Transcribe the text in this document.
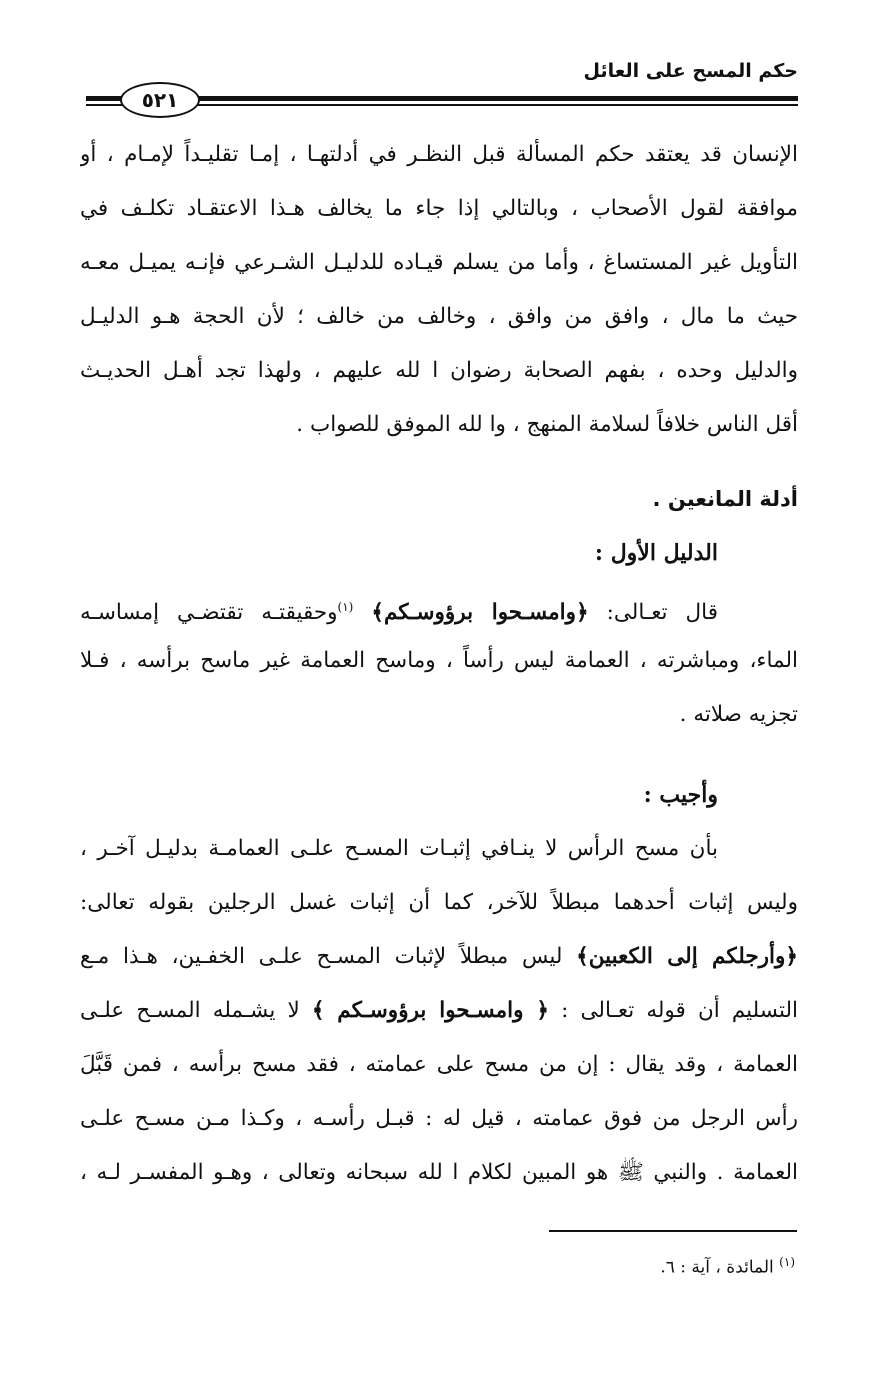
حكم المسح على العائل
٥٢١
الإنسان قد يعتقد حكم المسألة قبل النظـر في أدلتهـا ، إمـا تقليـداً لإمـام ، أو
موافقة لقول الأصحاب ، وبالتالي إذا جاء ما يخالف هـذا الاعتقـاد تكلـف في
التأويل غير المستساغ ، وأما من يسلم قيـاده للدليـل الشـرعي فإنـه يميـل معـه
حيث ما مال ، وافق من وافق ، وخالف من خالف ؛ لأن الحجة هـو الدليـل
والدليل وحده ، بفهم الصحابة رضوان ا لله عليهم ، ولهذا تجد أهـل الحديـث
أقل الناس خلافاً لسلامة المنهج ، وا لله الموفق للصواب .
أدلة المانعين .
الدليل الأول :
قال تعـالى: ﴿وامسـحوا برؤوسـكم﴾ $^{(١)}$وحقيقتـه تقتضـي إمساسـه
الماء، ومباشرته ، العمامة ليس رأساً ، وماسح العمامة غير ماسح برأسه ، فـلا
تجزيه صلاته .
وأجيب :
بأن مسح الرأس لا ينـافي إثبـات المسـح علـى العمامـة بدليـل آخـر ،
وليس إثبات أحدهما مبطلاً للآخر، كما أن إثبات غسل الرجلين بقوله تعالى:
﴿وأرجلكم إلى الكعبين﴾ ليس مبطلاً لإثبات المسـح علـى الخفـين، هـذا مـع
التسليم أن قوله تعـالى : ﴿ وامسـحوا برؤوسـكم ﴾ لا يشـمله المسـح علـى
العمامة ، وقد يقال : إن من مسح على عمامته ، فقد مسح برأسه ، فمن قَبَّلَ
رأس الرجل من فوق عمامته ، قيل له : قبـل رأسـه ، وكـذا مـن مسـح علـى
العمامة . والنبي ﷺ هو المبين لكلام ا لله سبحانه وتعالى ، وهـو المفسـر لـه ،
$^{(١)}$ المائدة ، آية : ٦.
